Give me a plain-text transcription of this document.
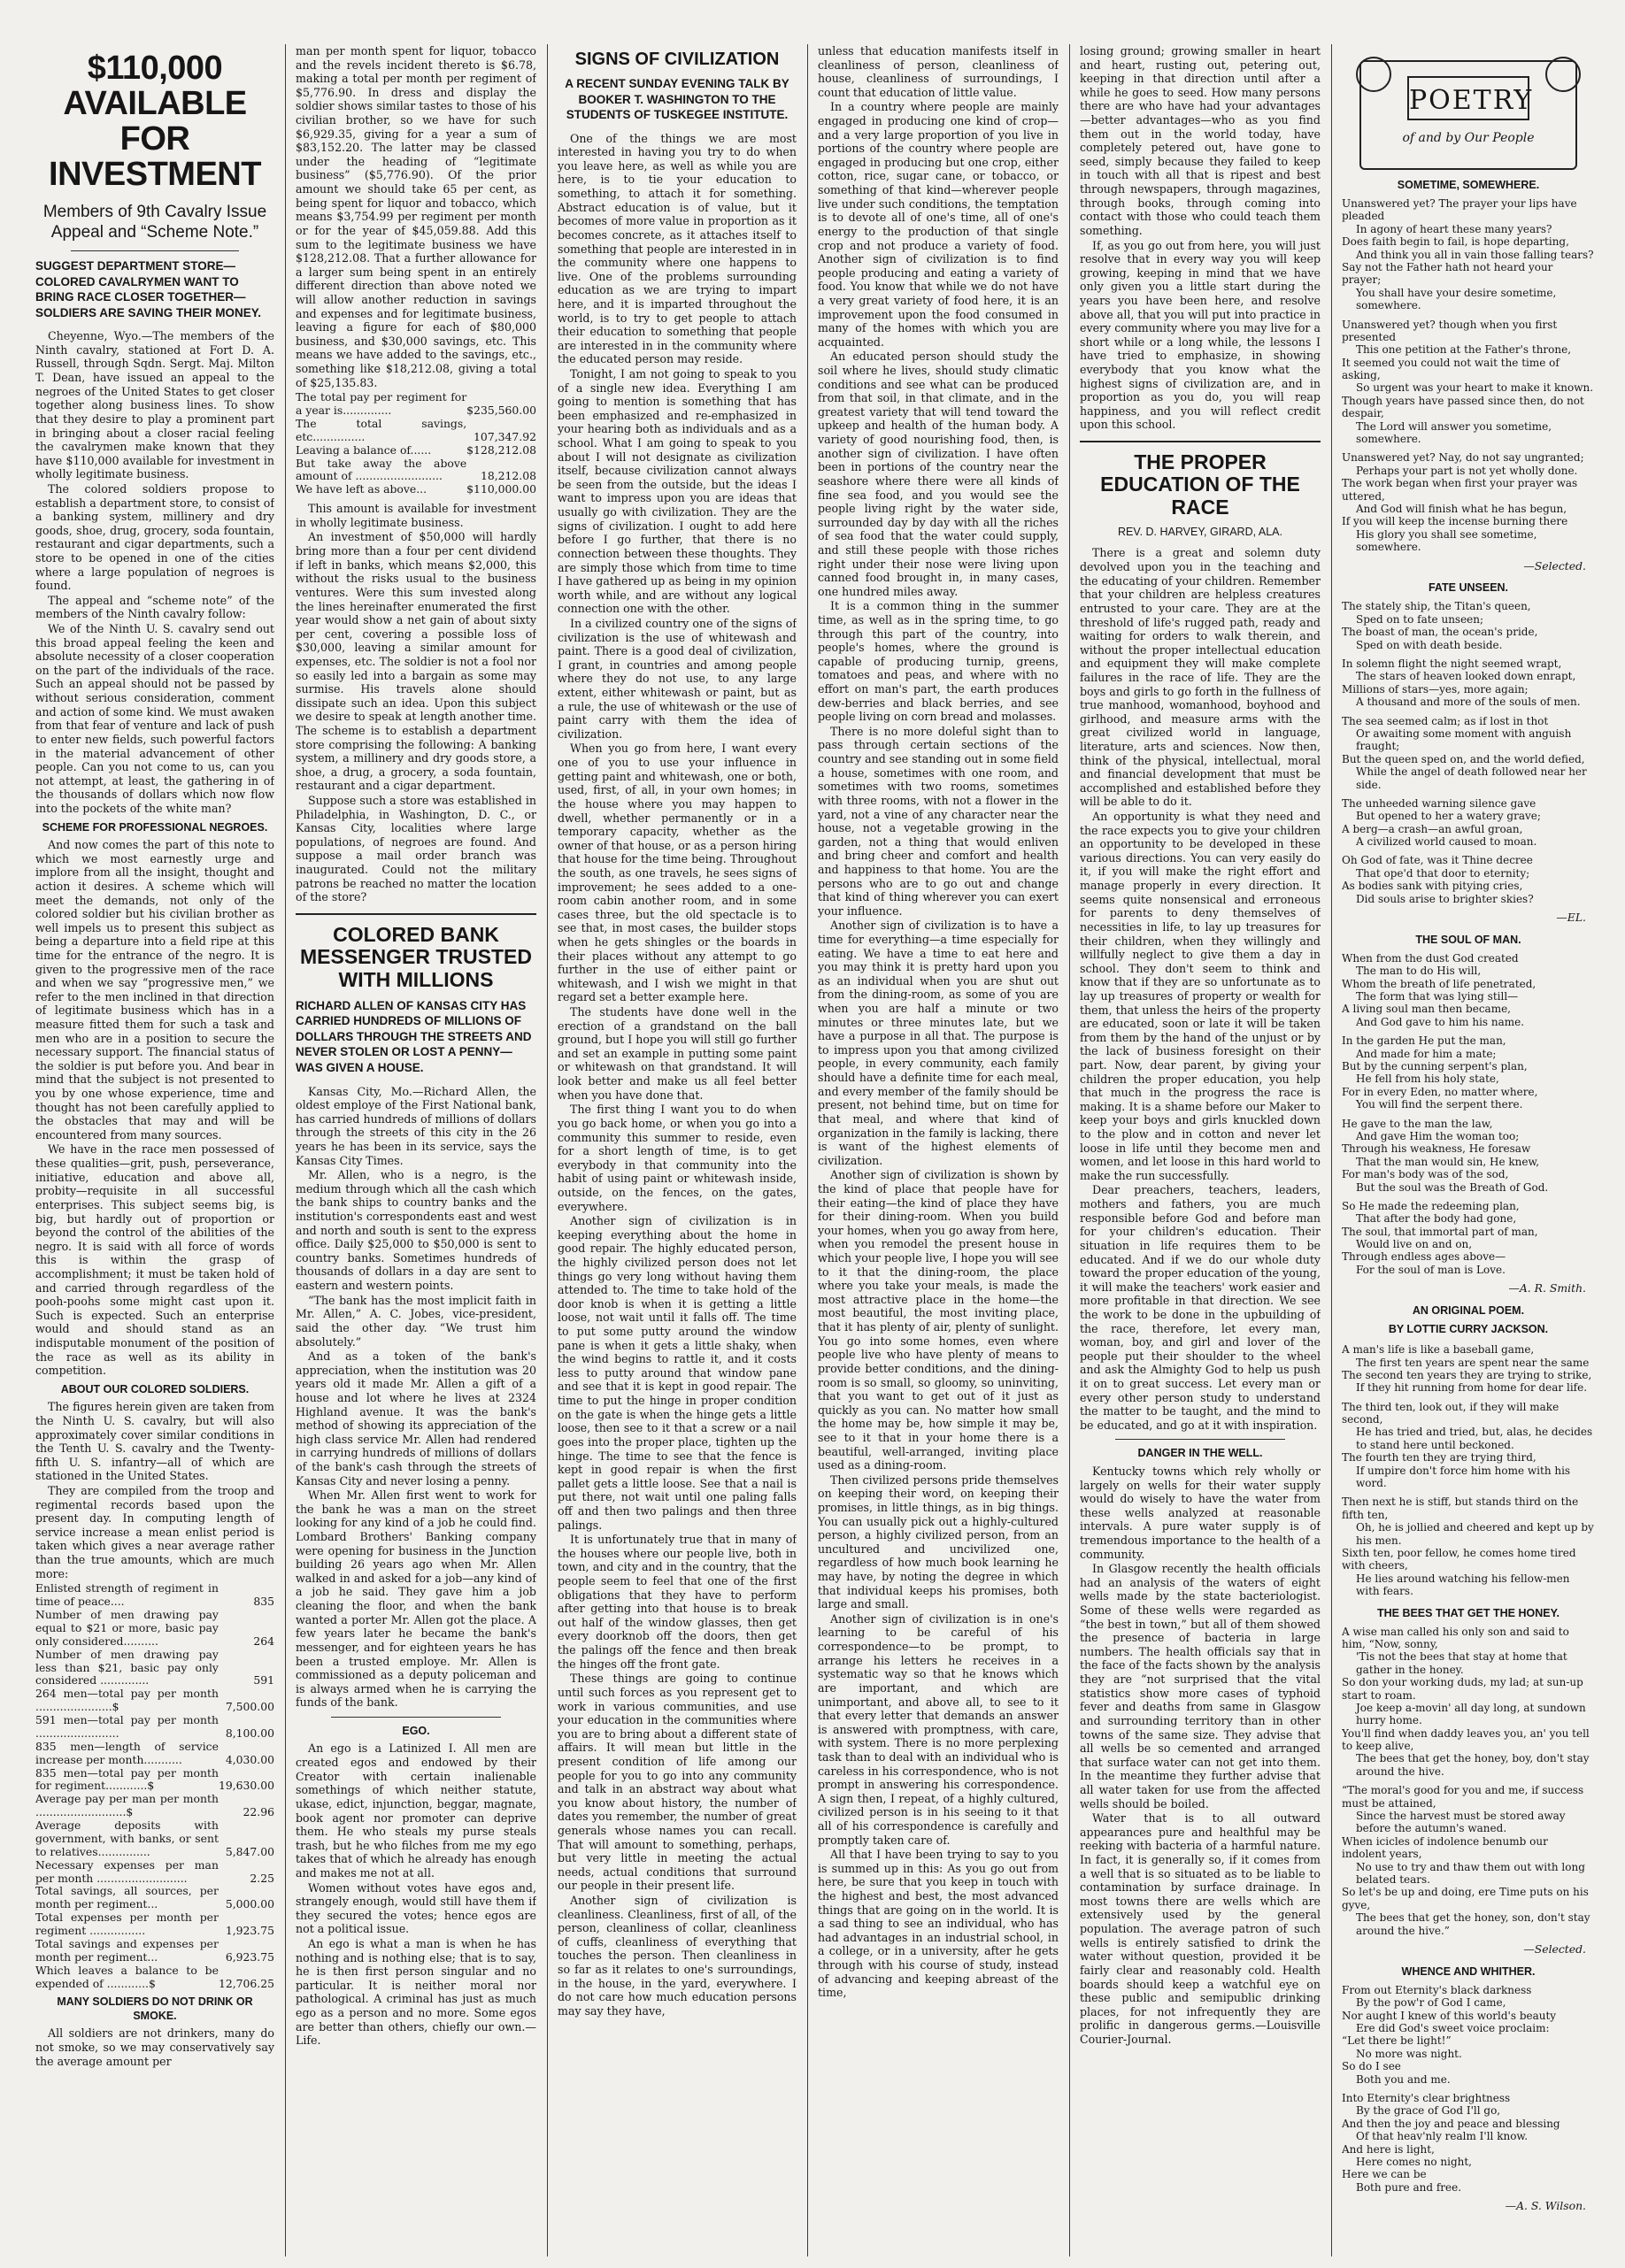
$110,000 AVAILABLE FOR INVESTMENT
Members of 9th Cavalry Issue Appeal and “Scheme Note.”
SUGGEST DEPARTMENT STORE—COLORED CAVALRYMEN WANT TO BRING RACE CLOSER TOGETHER—SOLDIERS ARE SAVING THEIR MONEY.

Cheyenne, Wyo.—The members of the Ninth cavalry, stationed at Fort D. A. Russell, through Sqdn. Sergt. Maj. Milton T. Dean, have issued an appeal to the negroes of the United States to get closer together along business lines. To show that they desire to play a prominent part in bringing about a closer racial feeling the cavalrymen make known that they have $110,000 available for investment in wholly legitimate business.

The colored soldiers propose to establish a department store, to consist of a banking system, millinery and dry goods, shoe, drug, grocery, soda fountain, restaurant and cigar departments, such a store to be opened in one of the cities where a large population of negroes is found.

The appeal and “scheme note” of the members of the Ninth cavalry follow:

We of the Ninth U. S. cavalry send out this broad appeal feeling the keen and absolute necessity of a closer cooperation on the part of the individuals of the race. Such an appeal should not be passed by without serious consideration, comment and action of some kind. We must awaken from that fear of venture and lack of push to enter new fields, such powerful factors in the material advancement of other people. Can you not come to us, can you not attempt, at least, the gathering in of the thousands of dollars which now flow into the pockets of the white man?

SCHEME FOR PROFESSIONAL NEGROES.

And now comes the part of this note to which we most earnestly urge and implore from all the insight, thought and action it desires. A scheme which will meet the demands, not only of the colored soldier but his civilian brother as well impels us to present this subject as being a departure into a field ripe at this time for the entrance of the negro. It is given to the progressive men of the race and when we say “progressive men,” we refer to the men inclined in that direction of legitimate business which has in a measure fitted them for such a task and men who are in a position to secure the necessary support. The financial status of the soldier is put before you. And bear in mind that the subject is not presented to you by one whose experience, time and thought has not been carefully applied to the obstacles that may and will be encountered from many sources.

We have in the race men possessed of these qualities—grit, push, perseverance, initiative, education and above all, probity—requisite in all successful enterprises. This subject seems big, is big, but hardly out of proportion or beyond the control of the abilities of the negro. It is said with all force of words this is within the grasp of accomplishment; it must be taken hold of and carried through regardless of the pooh-poohs some might cast upon it. Such is expected. Such an enterprise would and should stand as an indisputable monument of the position of the race as well as its ability in competition.

ABOUT OUR COLORED SOLDIERS.

The figures herein given are taken from the Ninth U. S. cavalry, but will also approximately cover similar conditions in the Tenth U. S. cavalry and the Twenty-fifth U. S. infantry—all of which are stationed in the United States.

They are compiled from the troop and regimental records based upon the present day. In computing length of service increase a mean enlist period is taken which gives a near average rather than the true amounts, which are much more:

Enlisted strength of regiment in time of peace....	835
Number of men drawing pay equal to $21 or more, basic pay only considered..........	264
Number of men drawing pay less than $21, basic pay only considered ..............	591
264 men—total pay per month ......................$	7,500.00
591 men—total pay per month ........................	8,100.00
835 men—length of service increase per month...........	4,030.00
835 men—total pay per month for regiment............$	19,630.00
Average pay per man per month ..........................$	22.96
Average deposits with government, with banks, or sent to relatives...............	5,847.00
Necessary expenses per man per month ..........................	2.25
Total savings, all sources, per month per regiment...	5,000.00
Total expenses per month per regiment ................	1,923.75
Total savings and expenses per month per regiment...	6,923.75
Which leaves a balance to be expended of ............$	12,706.25
MANY SOLDIERS DO NOT DRINK OR SMOKE.

All soldiers are not drinkers, many do not smoke, so we may conservatively say the average amount per

man per month spent for liquor, tobacco and the revels incident thereto is $6.78, making a total per month per regiment of $5,776.90. In dress and display the soldier shows similar tastes to those of his civilian brother, so we have for such $6,929.35, giving for a year a sum of $83,152.20. The latter may be classed under the heading of “legitimate business” ($5,776.90). Of the prior amount we should take 65 per cent, as being spent for liquor and tobacco, which means $3,754.99 per regiment per month or for the year of $45,059.88. Add this sum to the legitimate business we have $128,212.08. That a further allowance for a larger sum being spent in an entirely different direction than above noted we will allow another reduction in savings and expenses and for legitimate business, leaving a figure for each of $80,000 business, and $30,000 savings, etc. This means we have added to the savings, etc., something like $18,212.08, giving a total of $25,135.83.

The total pay per regiment for a year is..............	$235,560.00
The total savings, etc...............	107,347.92
Leaving a balance of......	$128,212.08
But take away the above amount of .........................	18,212.08
We have left as above...	$110,000.00

This amount is available for investment in wholly legitimate business.

An investment of $50,000 will hardly bring more than a four per cent dividend if left in banks, which means $2,000, this without the risks usual to the business ventures. Were this sum invested along the lines hereinafter enumerated the first year would show a net gain of about sixty per cent, covering a possible loss of $30,000, leaving a similar amount for expenses, etc. The soldier is not a fool nor so easily led into a bargain as some may surmise. His travels alone should dissipate such an idea. Upon this subject we desire to speak at length another time. The scheme is to establish a department store comprising the following: A banking system, a millinery and dry goods store, a shoe, a drug, a grocery, a soda fountain, restaurant and a cigar department.

Suppose such a store was established in Philadelphia, in Washington, D. C., or Kansas City, localities where large populations, of negroes are found. And suppose a mail order branch was inaugurated. Could not the military patrons be reached no matter the location of the store?

COLORED BANK MESSENGER TRUSTED WITH MILLIONS
RICHARD ALLEN OF KANSAS CITY HAS CARRIED HUNDREDS OF MILLIONS OF DOLLARS THROUGH THE STREETS AND NEVER STOLEN OR LOST A PENNY—WAS GIVEN A HOUSE.

Kansas City, Mo.—Richard Allen, the oldest employe of the First National bank, has carried hundreds of millions of dollars through the streets of this city in the 26 years he has been in its service, says the Kansas City Times.

Mr. Allen, who is a negro, is the medium through which all the cash which the bank ships to country banks and the institution's correspondents east and west and north and south is sent to the express office. Daily $25,000 to $50,000 is sent to country banks. Sometimes hundreds of thousands of dollars in a day are sent to eastern and western points.

“The bank has the most implicit faith in Mr. Allen,” A. C. Jobes, vice-president, said the other day. “We trust him absolutely.”

And as a token of the bank's appreciation, when the institution was 20 years old it made Mr. Allen a gift of a house and lot where he lives at 2324 Highland avenue. It was the bank's method of showing its appreciation of the high class service Mr. Allen had rendered in carrying hundreds of millions of dollars of the bank's cash through the streets of Kansas City and never losing a penny.

When Mr. Allen first went to work for the bank he was a man on the street looking for any kind of a job he could find. Lombard Brothers' Banking company were opening for business in the Junction building 26 years ago when Mr. Allen walked in and asked for a job—any kind of a job he said. They gave him a job cleaning the floor, and when the bank wanted a porter Mr. Allen got the place. A few years later he became the bank's messenger, and for eighteen years he has been a trusted employe. Mr. Allen is commissioned as a deputy policeman and is always armed when he is carrying the funds of the bank.

EGO.

An ego is a Latinized I. All men are created egos and endowed by their Creator with certain inalienable somethings of which neither statute, ukase, edict, injunction, beggar, magnate, book agent nor promoter can deprive them. He who steals my purse steals trash, but he who filches from me my ego takes that of which he already has enough and makes me not at all.

Women without votes have egos and, strangely enough, would still have them if they secured the votes; hence egos are not a political issue.

An ego is what a man is when he has nothing and is nothing else; that is to say, he is then first person singular and no particular. It is neither moral nor pathological. A criminal has just as much ego as a person and no more. Some egos are better than others, chiefly our own.—Life.

SIGNS OF CIVILIZATION
A RECENT SUNDAY EVENING TALK BY BOOKER T. WASHINGTON TO THE STUDENTS OF TUSKEGEE INSTITUTE.

One of the things we are most interested in having you try to do when you leave here, as well as while you are here, is to tie your education to something, to attach it for something. Abstract education is of value, but it becomes of more value in proportion as it becomes concrete, as it attaches itself to something that people are interested in in the community where one happens to live. One of the problems surrounding education as we are trying to impart here, and it is imparted throughout the world, is to try to get people to attach their education to something that people are interested in in the community where the educated person may reside.

Tonight, I am not going to speak to you of a single new idea. Everything I am going to mention is something that has been emphasized and re-emphasized in your hearing both as individuals and as a school. What I am going to speak to you about I will not designate as civilization itself, because civilization cannot always be seen from the outside, but the ideas I want to impress upon you are ideas that usually go with civilization. They are the signs of civilization. I ought to add here before I go further, that there is no connection between these thoughts. They are simply those which from time to time I have gathered up as being in my opinion worth while, and are without any logical connection one with the other.

In a civilized country one of the signs of civilization is the use of whitewash and paint. There is a good deal of civilization, I grant, in countries and among people where they do not use, to any large extent, either whitewash or paint, but as a rule, the use of whitewash or the use of paint carry with them the idea of civilization.

When you go from here, I want every one of you to use your influence in getting paint and whitewash, one or both, used, first, of all, in your own homes; in the house where you may happen to dwell, whether permanently or in a temporary capacity, whether as the owner of that house, or as a person hiring that house for the time being. Throughout the south, as one travels, he sees signs of improvement; he sees added to a one-room cabin another room, and in some cases three, but the old spectacle is to see that, in most cases, the builder stops when he gets shingles or the boards in their places without any attempt to go further in the use of either paint or whitewash, and I wish we might in that regard set a better example here.

The students have done well in the erection of a grandstand on the ball ground, but I hope you will still go further and set an example in putting some paint or whitewash on that grandstand. It will look better and make us all feel better when you have done that.

The first thing I want you to do when you go back home, or when you go into a community this summer to reside, even for a short length of time, is to get everybody in that community into the habit of using paint or whitewash inside, outside, on the fences, on the gates, everywhere.

Another sign of civilization is in keeping everything about the home in good repair. The highly educated person, the highly civilized person does not let things go very long without having them attended to. The time to take hold of the door knob is when it is getting a little loose, not wait until it falls off. The time to put some putty around the window pane is when it gets a little shaky, when the wind begins to rattle it, and it costs less to putty around that window pane and see that it is kept in good repair. The time to put the hinge in proper condition on the gate is when the hinge gets a little loose, then see to it that a screw or a nail goes into the proper place, tighten up the hinge. The time to see that the fence is kept in good repair is when the first pallet gets a little loose. See that a nail is put there, not wait until one paling falls off and then two palings and then three palings.

It is unfortunately true that in many of the houses where our people live, both in town, and city and in the country, that the people seem to feel that one of the first obligations that they have to perform after getting into that house is to break out half of the window glasses, then get every doorknob off the doors, then get the palings off the fence and then break the hinges off the front gate.

These things are going to continue until such forces as you represent get to work in various communities, and use your education in the communities where you are to bring about a different state of affairs. It will mean but little in the present condition of life among our people for you to go into any community and talk in an abstract way about what you know about history, the number of dates you remember, the number of great generals whose names you can recall. That will amount to something, perhaps, but very little in meeting the actual needs, actual conditions that surround our people in their present life.

Another sign of civilization is cleanliness. Cleanliness, first of all, of the person, cleanliness of collar, cleanliness of cuffs, cleanliness of everything that touches the person. Then cleanliness in so far as it relates to one's surroundings, in the house, in the yard, everywhere. I do not care how much education persons may say they have,

unless that education manifests itself in cleanliness of person, cleanliness of house, cleanliness of surroundings, I count that education of little value.

In a country where people are mainly engaged in producing one kind of crop—and a very large proportion of you live in portions of the country where people are engaged in producing but one crop, either cotton, rice, sugar cane, or tobacco, or something of that kind—wherever people live under such conditions, the temptation is to devote all of one's time, all of one's energy to the production of that single crop and not produce a variety of food. Another sign of civilization is to find people producing and eating a variety of food. You know that while we do not have a very great variety of food here, it is an improvement upon the food consumed in many of the homes with which you are acquainted.

An educated person should study the soil where he lives, should study climatic conditions and see what can be produced from that soil, in that climate, and in the greatest variety that will tend toward the upkeep and health of the human body. A variety of good nourishing food, then, is another sign of civilization. I have often been in portions of the country near the seashore where there were all kinds of fine sea food, and you would see the people living right by the water side, surrounded day by day with all the riches of sea food that the water could supply, and still these people with those riches right under their nose were living upon canned food brought in, in many cases, one hundred miles away.

It is a common thing in the summer time, as well as in the spring time, to go through this part of the country, into people's homes, where the ground is capable of producing turnip, greens, tomatoes and peas, and where with no effort on man's part, the earth produces dew-berries and black berries, and see people living on corn bread and molasses.

There is no more doleful sight than to pass through certain sections of the country and see standing out in some field a house, sometimes with one room, and sometimes with two rooms, sometimes with three rooms, with not a flower in the yard, not a vine of any character near the house, not a vegetable growing in the garden, not a thing that would enliven and bring cheer and comfort and health and happiness to that home. You are the persons who are to go out and change that kind of thing wherever you can exert your influence.

Another sign of civilization is to have a time for everything—a time especially for eating. We have a time to eat here and you may think it is pretty hard upon you as an individual when you are shut out from the dining-room, as some of you are when you are half a minute or two minutes or three minutes late, but we have a purpose in all that. The purpose is to impress upon you that among civilized people, in every community, each family should have a definite time for each meal, and every member of the family should be present, not behind time, but on time for that meal, and where that kind of organization in the family is lacking, there is want of the highest elements of civilization.

Another sign of civilization is shown by the kind of place that people have for their eating—the kind of place they have for their dining-room. When you build your homes, when you go away from here, when you remodel the present house in which your people live, I hope you will see to it that the dining-room, the place where you take your meals, is made the most attractive place in the home—the most beautiful, the most inviting place, that it has plenty of air, plenty of sunlight. You go into some homes, even where people live who have plenty of means to provide better conditions, and the dining-room is so small, so gloomy, so uninviting, that you want to get out of it just as quickly as you can. No matter how small the home may be, how simple it may be, see to it that in your home there is a beautiful, well-arranged, inviting place used as a dining-room.

Then civilized persons pride themselves on keeping their word, on keeping their promises, in little things, as in big things. You can usually pick out a highly-cultured person, a highly civilized person, from an uncultured and uncivilized one, regardless of how much book learning he may have, by noting the degree in which that individual keeps his promises, both large and small.

Another sign of civilization is in one's learning to be careful of his correspondence—to be prompt, to arrange his letters he receives in a systematic way so that he knows which are important, and which are unimportant, and above all, to see to it that every letter that demands an answer is answered with promptness, with care, with system. There is no more perplexing task than to deal with an individual who is careless in his correspondence, who is not prompt in answering his correspondence. A sign then, I repeat, of a highly cultured, civilized person is in his seeing to it that all of his correspondence is carefully and promptly taken care of.

All that I have been trying to say to you is summed up in this: As you go out from here, be sure that you keep in touch with the highest and best, the most advanced things that are going on in the world. It is a sad thing to see an individual, who has had advantages in an industrial school, in a college, or in a university, after he gets through with his course of study, instead of advancing and keeping abreast of the time,

losing ground; growing smaller in heart and heart, rusting out, petering out, keeping in that direction until after a while he goes to seed. How many persons there are who have had your advantages—better advantages—who as you find them out in the world today, have completely petered out, have gone to seed, simply because they failed to keep in touch with all that is ripest and best through newspapers, through magazines, through books, through coming into contact with those who could teach them something.

If, as you go out from here, you will just resolve that in every way you will keep growing, keeping in mind that we have only given you a little start during the years you have been here, and resolve above all, that you will put into practice in every community where you may live for a short while or a long while, the lessons I have tried to emphasize, in showing everybody that you know what the highest signs of civilization are, and in proportion as you do, you will reap happiness, and you will reflect credit upon this school.

THE PROPER EDUCATION OF THE RACE
REV. D. HARVEY, GIRARD, ALA.

There is a great and solemn duty devolved upon you in the teaching and the educating of your children. Remember that your children are helpless creatures entrusted to your care. They are at the threshold of life's rugged path, ready and waiting for orders to walk therein, and without the proper intellectual education and equipment they will make complete failures in the race of life. They are the boys and girls to go forth in the fullness of true manhood, womanhood, boyhood and girlhood, and measure arms with the great civilized world in language, literature, arts and sciences. Now then, think of the physical, intellectual, moral and financial development that must be accomplished and established before they will be able to do it.

An opportunity is what they need and the race expects you to give your children an opportunity to be developed in these various directions. You can very easily do it, if you will make the right effort and manage properly in every direction. It seems quite nonsensical and erroneous for parents to deny themselves of necessities in life, to lay up treasures for their children, when they willingly and willfully neglect to give them a day in school. They don't seem to think and know that if they are so unfortunate as to lay up treasures of property or wealth for them, that unless the heirs of the property are educated, soon or late it will be taken from them by the hand of the unjust or by the lack of business foresight on their part. Now, dear parent, by giving your children the proper education, you help that much in the progress the race is making. It is a shame before our Maker to keep your boys and girls knuckled down to the plow and in cotton and never let loose in life until they become men and women, and let loose in this hard world to make the run successfully.

Dear preachers, teachers, leaders, mothers and fathers, you are much responsible before God and before man for your children's education. Their situation in life requires them to be educated. And if we do our whole duty toward the proper education of the young, it will make the teachers' work easier and more profitable in that direction. We see the work to be done in the upbuilding of the race, therefore, let every man, woman, boy, and girl and lover of the people put their shoulder to the wheel and ask the Almighty God to help us push it on to great success. Let every man or every other person study to understand the matter to be taught, and the mind to be educated, and go at it with inspiration.

DANGER IN THE WELL.

Kentucky towns which rely wholly or largely on wells for their water supply would do wisely to have the water from these wells analyzed at reasonable intervals. A pure water supply is of tremendous importance to the health of a community.

In Glasgow recently the health officials had an analysis of the waters of eight wells made by the state bacteriologist. Some of these wells were regarded as “the best in town,” but all of them showed the presence of bacteria in large numbers. The health officials say that in the face of the facts shown by the analysis they are “not surprised that the vital statistics show more cases of typhoid fever and deaths from same in Glasgow and surrounding territory than in other towns of the same size. They advise that all wells be so cemented and arranged that surface water can not get into them. In the meantime they further advise that all water taken for use from the affected wells should be boiled.

Water that is to all outward appearances pure and healthful may be reeking with bacteria of a harmful nature. In fact, it is generally so, if it comes from a well that is so situated as to be liable to contamination by surface drainage. In most towns there are wells which are extensively used by the general population. The average patron of such wells is entirely satisfied to drink the water without question, provided it be fairly clear and reasonably cold. Health boards should keep a watchful eye on these public and semipublic drinking places, for not infrequently they are prolific in dangerous germs.—Louisville Courier-Journal.

POETRY
of and by Our People
SOMETIME, SOMEWHERE.

Unanswered yet? The prayer your lips have pleaded

In agony of heart these many years?

Does faith begin to fail, is hope departing,

And think you all in vain those falling tears?

Say not the Father hath not heard your prayer;

You shall have your desire sometime, somewhere.

Unanswered yet? though when you first presented

This one petition at the Father's throne,

It seemed you could not wait the time of asking,

So urgent was your heart to make it known.

Though years have passed since then, do not despair,

The Lord will answer you sometime, somewhere.

Unanswered yet? Nay, do not say ungranted;

Perhaps your part is not yet wholly done.

The work began when first your prayer was uttered,

And God will finish what he has begun,

If you will keep the incense burning there

His glory you shall see sometime, somewhere.

—Selected.
FATE UNSEEN.

The stately ship, the Titan's queen,

Sped on to fate unseen;

The boast of man, the ocean's pride,

Sped on with death beside.

In solemn flight the night seemed wrapt,

The stars of heaven looked down enrapt,

Millions of stars—yes, more again;

A thousand and more of the souls of men.

The sea seemed calm; as if lost in thot

Or awaiting some moment with anguish fraught;

But the queen sped on, and the world defied,

While the angel of death followed near her side.

The unheeded warning silence gave

But opened to her a watery grave;

A berg—a crash—an awful groan,

A civilized world caused to moan.

Oh God of fate, was it Thine decree

That ope'd that door to eternity;

As bodies sank with pitying cries,

Did souls arise to brighter skies?

—EL.
THE SOUL OF MAN.

When from the dust God created

The man to do His will,

Whom the breath of life penetrated,

The form that was lying still—

A living soul man then became,

And God gave to him his name.

In the garden He put the man,

And made for him a mate;

But by the cunning serpent's plan,

He fell from his holy state,

For in every Eden, no matter where,

You will find the serpent there.

He gave to the man the law,

And gave Him the woman too;

Through his weakness, He foresaw

That the man would sin, He knew,

For man's body was of the sod,

But the soul was the Breath of God.

So He made the redeeming plan,

That after the body had gone,

The soul, that immortal part of man,

Would live on and on,

Through endless ages above—

For the soul of man is Love.

—A. R. Smith.
AN ORIGINAL POEM.
BY LOTTIE CURRY JACKSON.

A man's life is like a baseball game,

The first ten years are spent near the same

The second ten years they are trying to strike,

If they hit running from home for dear life.

The third ten, look out, if they will make second,

He has tried and tried, but, alas, he decides to stand here until beckoned.

The fourth ten they are trying third,

If umpire don't force him home with his word.

Then next he is stiff, but stands third on the fifth ten,

Oh, he is jollied and cheered and kept up by his men.

Sixth ten, poor fellow, he comes home tired with cheers,

He lies around watching his fellow-men with fears.

THE BEES THAT GET THE HONEY.

A wise man called his only son and said to him, “Now, sonny,

'Tis not the bees that stay at home that gather in the honey.

So don your working duds, my lad; at sun-up start to roam.

Joe keep a-movin' all day long, at sundown hurry home.

You'll find when daddy leaves you, an' you tell to keep alive,

The bees that get the honey, boy, don't stay around the hive.

“The moral's good for you and me, if success must be attained,

Since the harvest must be stored away before the autumn's waned.

When icicles of indolence benumb our indolent years,

No use to try and thaw them out with long belated tears.

So let's be up and doing, ere Time puts on his gyve,

The bees that get the honey, son, don't stay around the hive.”

—Selected.
WHENCE AND WHITHER.

From out Eternity's black darkness

By the pow'r of God I came,

Nor aught I knew of this world's beauty

Ere did God's sweet voice proclaim:

“Let there be light!”

No more was night.

So do I see

Both you and me.

Into Eternity's clear brightness

By the grace of God I'll go,

And then the joy and peace and blessing

Of that heav'nly realm I'll know.

And here is light,

Here comes no night,

Here we can be

Both pure and free.

—A. S. Wilson.
